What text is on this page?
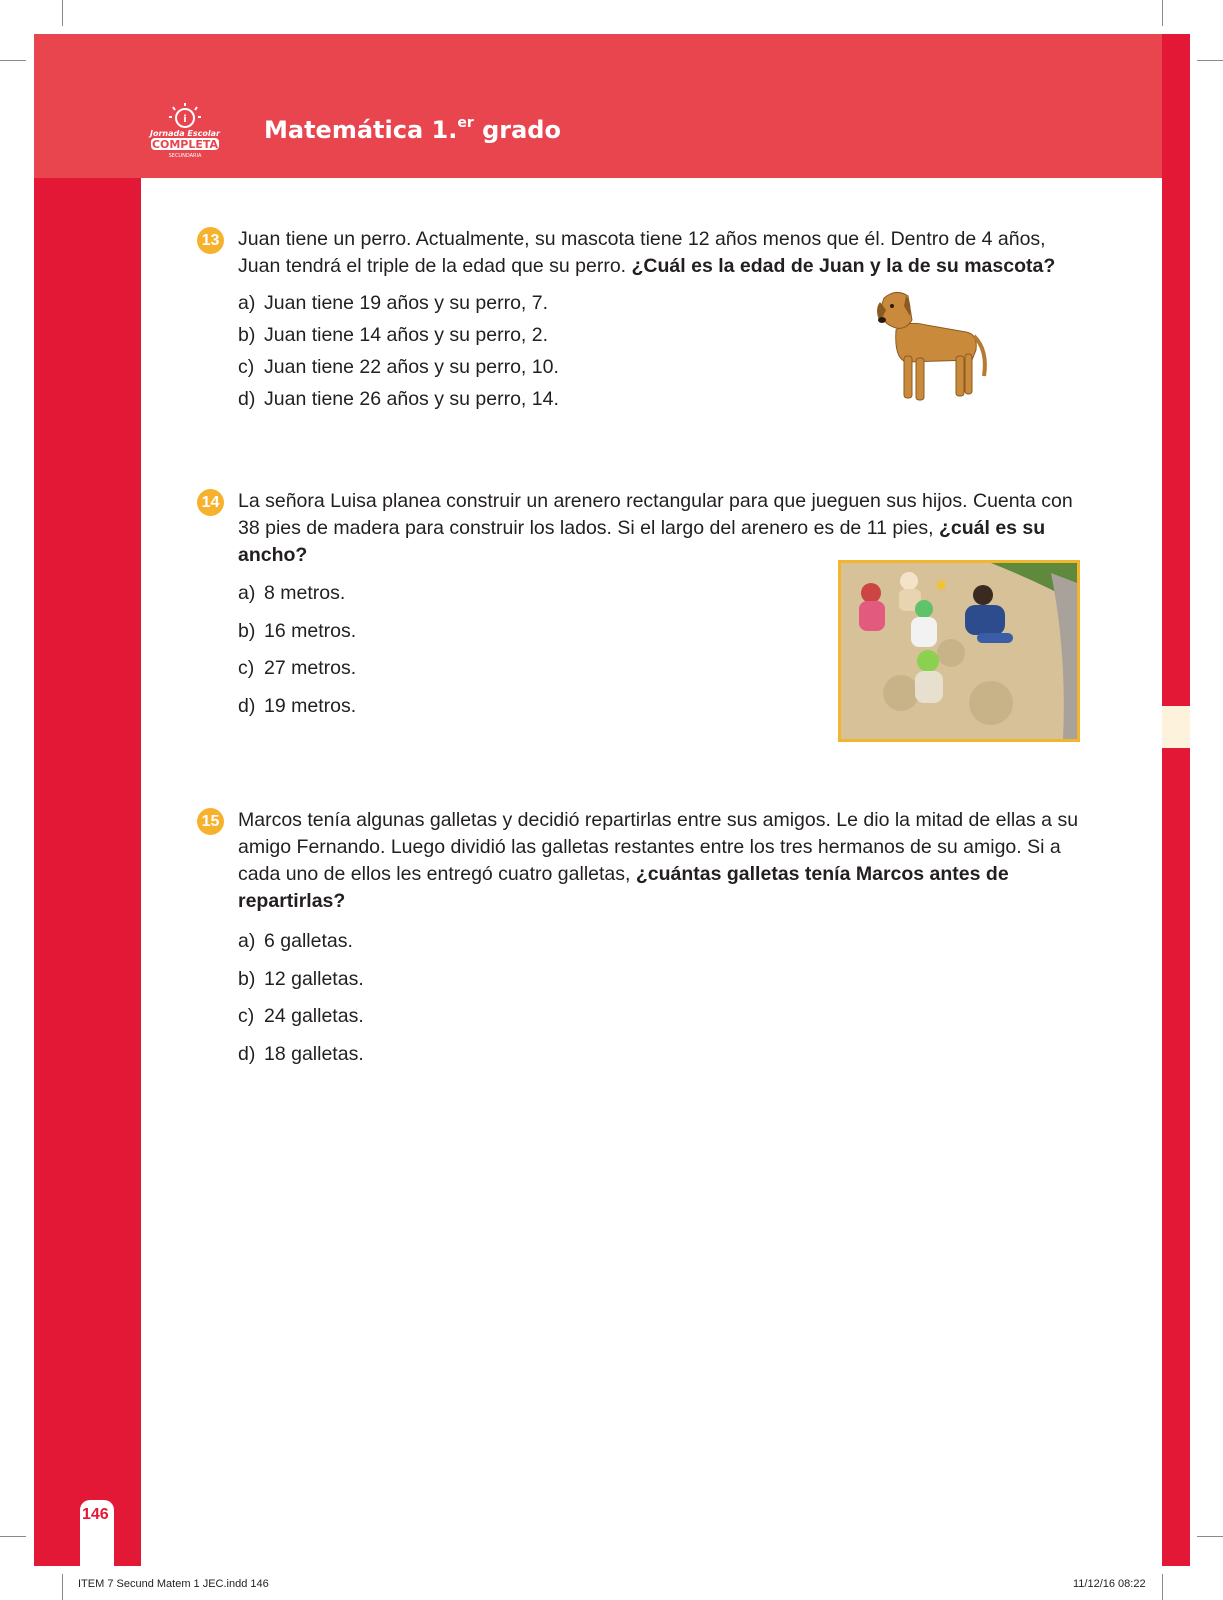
i
Jornada Escolar
COMPLETA
SECUNDARIA
Matemática 1.$^{er}$ grado
13 Juan tiene un perro. Actualmente, su mascota tiene 12 años menos que él. Dentro de 4 años, Juan tendrá el triple de la edad que su perro. ¿Cuál es la edad de Juan y la de su mascota?

a) Juan tiene 19 años y su perro, 7.
b) Juan tiene 14 años y su perro, 2.
c) Juan tiene 22 años y su perro, 10.
d) Juan tiene 26 años y su perro, 14.
14 La señora Luisa planea construir un arenero rectangular para que jueguen sus hijos. Cuenta con 38 pies de madera para construir los lados. Si el largo del arenero es de 11 pies, ¿cuál es su ancho?

a) 8 metros.
b) 16 metros.
c) 27 metros.
d) 19 metros.
15 Marcos tenía algunas galletas y decidió repartirlas entre sus amigos. Le dio la mitad de ellas a su amigo Fernando. Luego dividió las galletas restantes entre los tres hermanos de su amigo. Si a cada uno de ellos les entregó cuatro galletas, ¿cuántas galletas tenía Marcos antes de repartirlas?

a) 6 galletas.
b) 12 galletas.
c) 24 galletas.
d) 18 galletas.
146
ITEM 7 Secund Matem 1 JEC.indd 146	11/12/16 08:22
